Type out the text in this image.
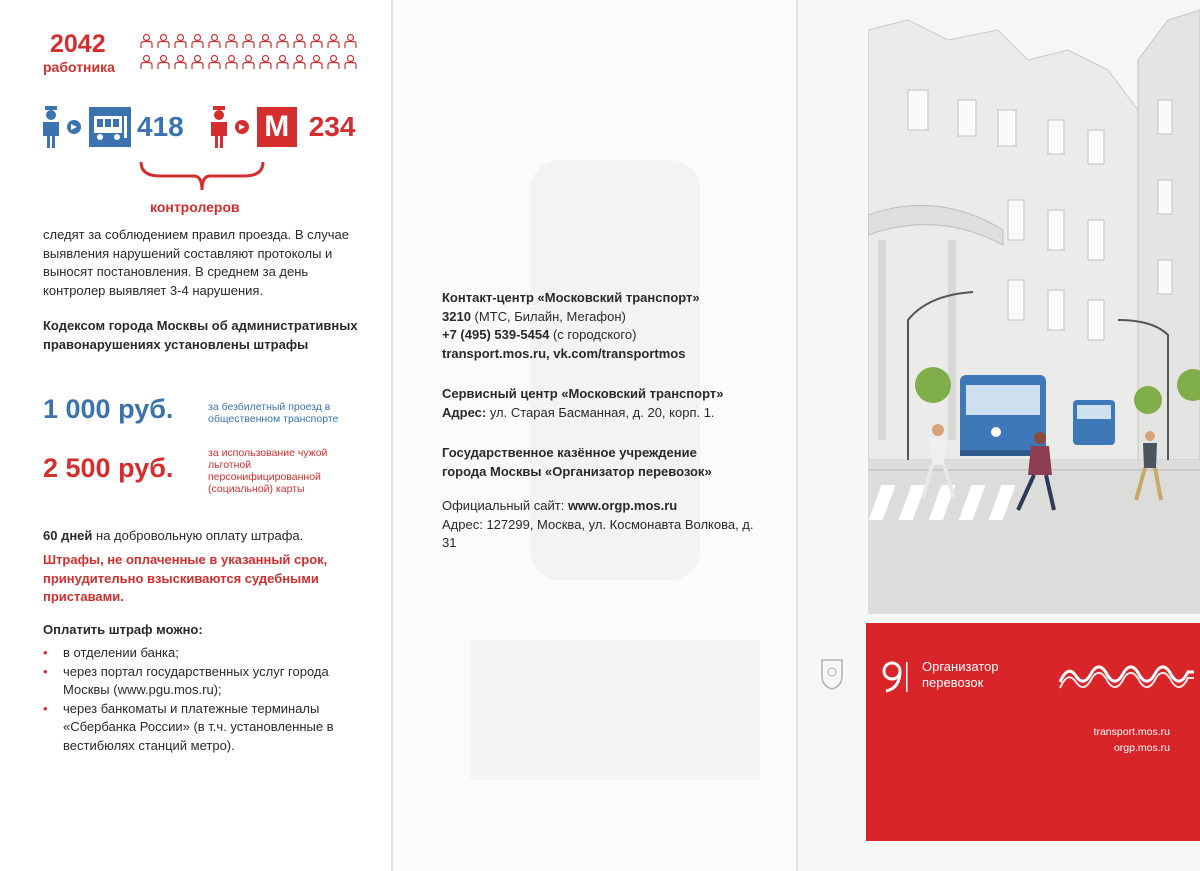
2042
работника
418	М 234
контролеров
следят за соблюдением правил проезда. В случае выявления нарушений составляют протоколы и выносят постановления. В среднем за день контролер выявляет 3-4 нарушения.
Кодексом города Москвы об административных правонарушениях установлены штрафы
1 000 руб.	за безбилетный проезд в общественном транспорте
2 500 руб.	за использование чужой льготной персонифицированной (социальной) карты
60 дней на добровольную оплату штрафа.
Штрафы, не оплаченные в указанный срок, принудительно взыскиваются судебными приставами.
Оплатить штраф можно:
• в отделении банка;
• через портал государственных услуг города Москвы (www.pgu.mos.ru);
• через банкоматы и платежные терминалы «Сбербанка России» (в т.ч. установленные в вестибюлях станций метро).
Контакт-центр «Московский транспорт»
3210 (МТС, Билайн, Мегафон)
+7 (495) 539-5454 (с городского)
transport.mos.ru, vk.com/transportmos
Сервисный центр «Московский транспорт»
Адрес: ул. Старая Басманная, д. 20, корп. 1.
Государственное казённое учреждение города Москвы «Организатор перевозок»
Официальный сайт: www.orgp.mos.ru
Адрес: 127299, Москва, ул. Космонавта Волкова, д. 31
Организатор
перевозок
transport.mos.ru
orgp.mos.ru
